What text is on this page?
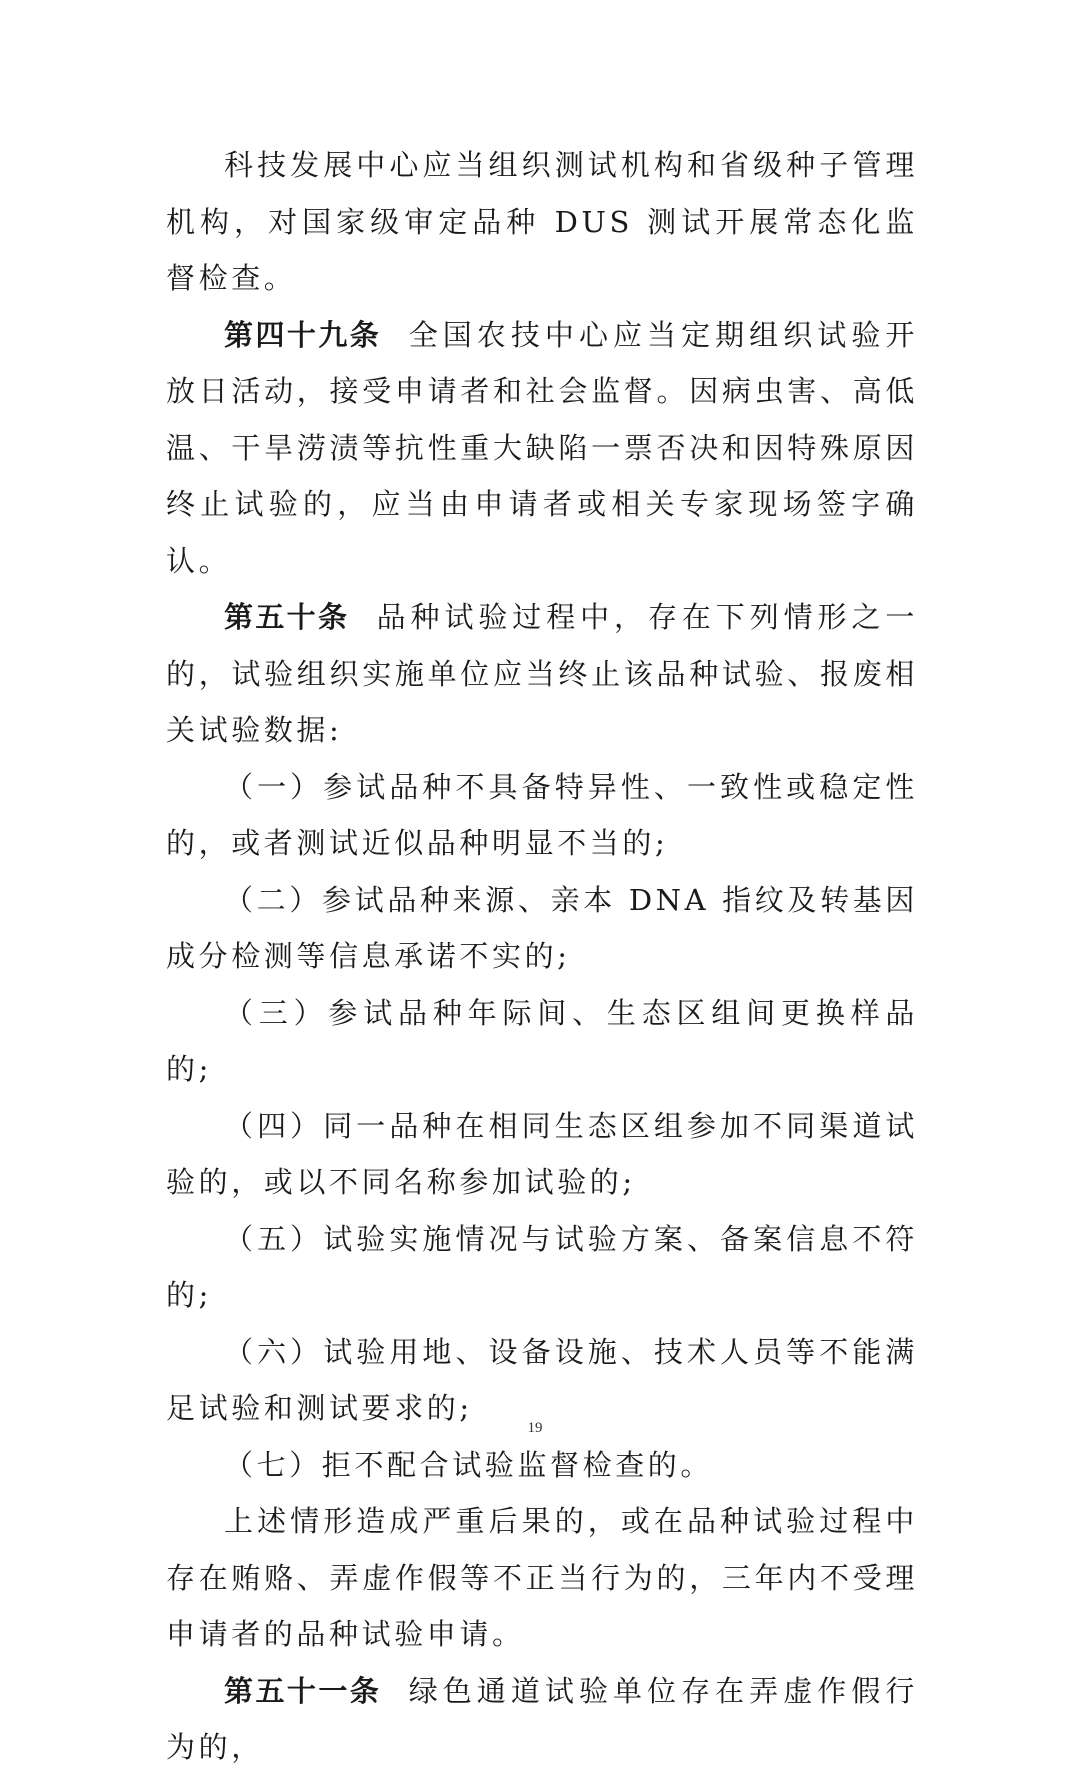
科技发展中心应当组织测试机构和省级种子管理机构，对国家级审定品种 DUS 测试开展常态化监督检查。

第四十九条 全国农技中心应当定期组织试验开放日活动，接受申请者和社会监督。因病虫害、高低温、干旱涝渍等抗性重大缺陷一票否决和因特殊原因终止试验的，应当由申请者或相关专家现场签字确认。

第五十条 品种试验过程中，存在下列情形之一的，试验组织实施单位应当终止该品种试验、报废相关试验数据:

（一）参试品种不具备特异性、一致性或稳定性的，或者测试近似品种明显不当的;

（二）参试品种来源、亲本 DNA 指纹及转基因成分检测等信息承诺不实的;

（三）参试品种年际间、生态区组间更换样品的;

（四）同一品种在相同生态区组参加不同渠道试验的，或以不同名称参加试验的;

（五）试验实施情况与试验方案、备案信息不符的;

（六）试验用地、设备设施、技术人员等不能满足试验和测试要求的;

（七）拒不配合试验监督检查的。

上述情形造成严重后果的，或在品种试验过程中存在贿赂、弄虚作假等不正当行为的，三年内不受理申请者的品种试验申请。

第五十一条 绿色通道试验单位存在弄虚作假行为的，

19
